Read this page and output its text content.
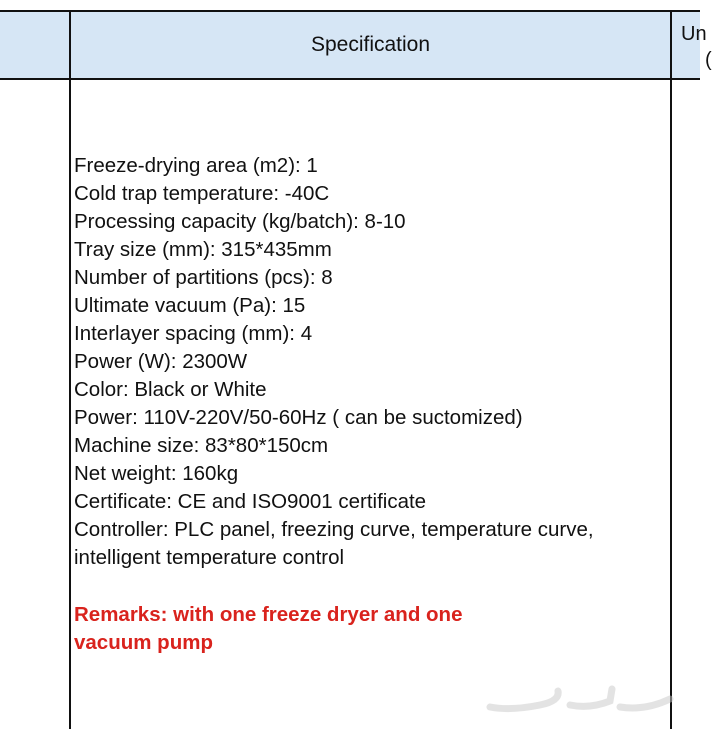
Specification	Un
(
Freeze-drying area (m2): 1
Cold trap temperature: -40C
Processing capacity (kg/batch): 8-10
Tray size (mm): 315*435mm
Number of partitions (pcs): 8
Ultimate vacuum (Pa): 15
Interlayer spacing (mm): 4
Power (W): 2300W
Color: Black or White
Power: 110V-220V/50-60Hz ( can be suctomized)
Machine size: 83*80*150cm
Net weight: 160kg
Certificate: CE and ISO9001 certificate
Controller: PLC panel, freezing curve, temperature curve,
intelligent temperature control
Remarks: with one freeze dryer and one
vacuum pump
